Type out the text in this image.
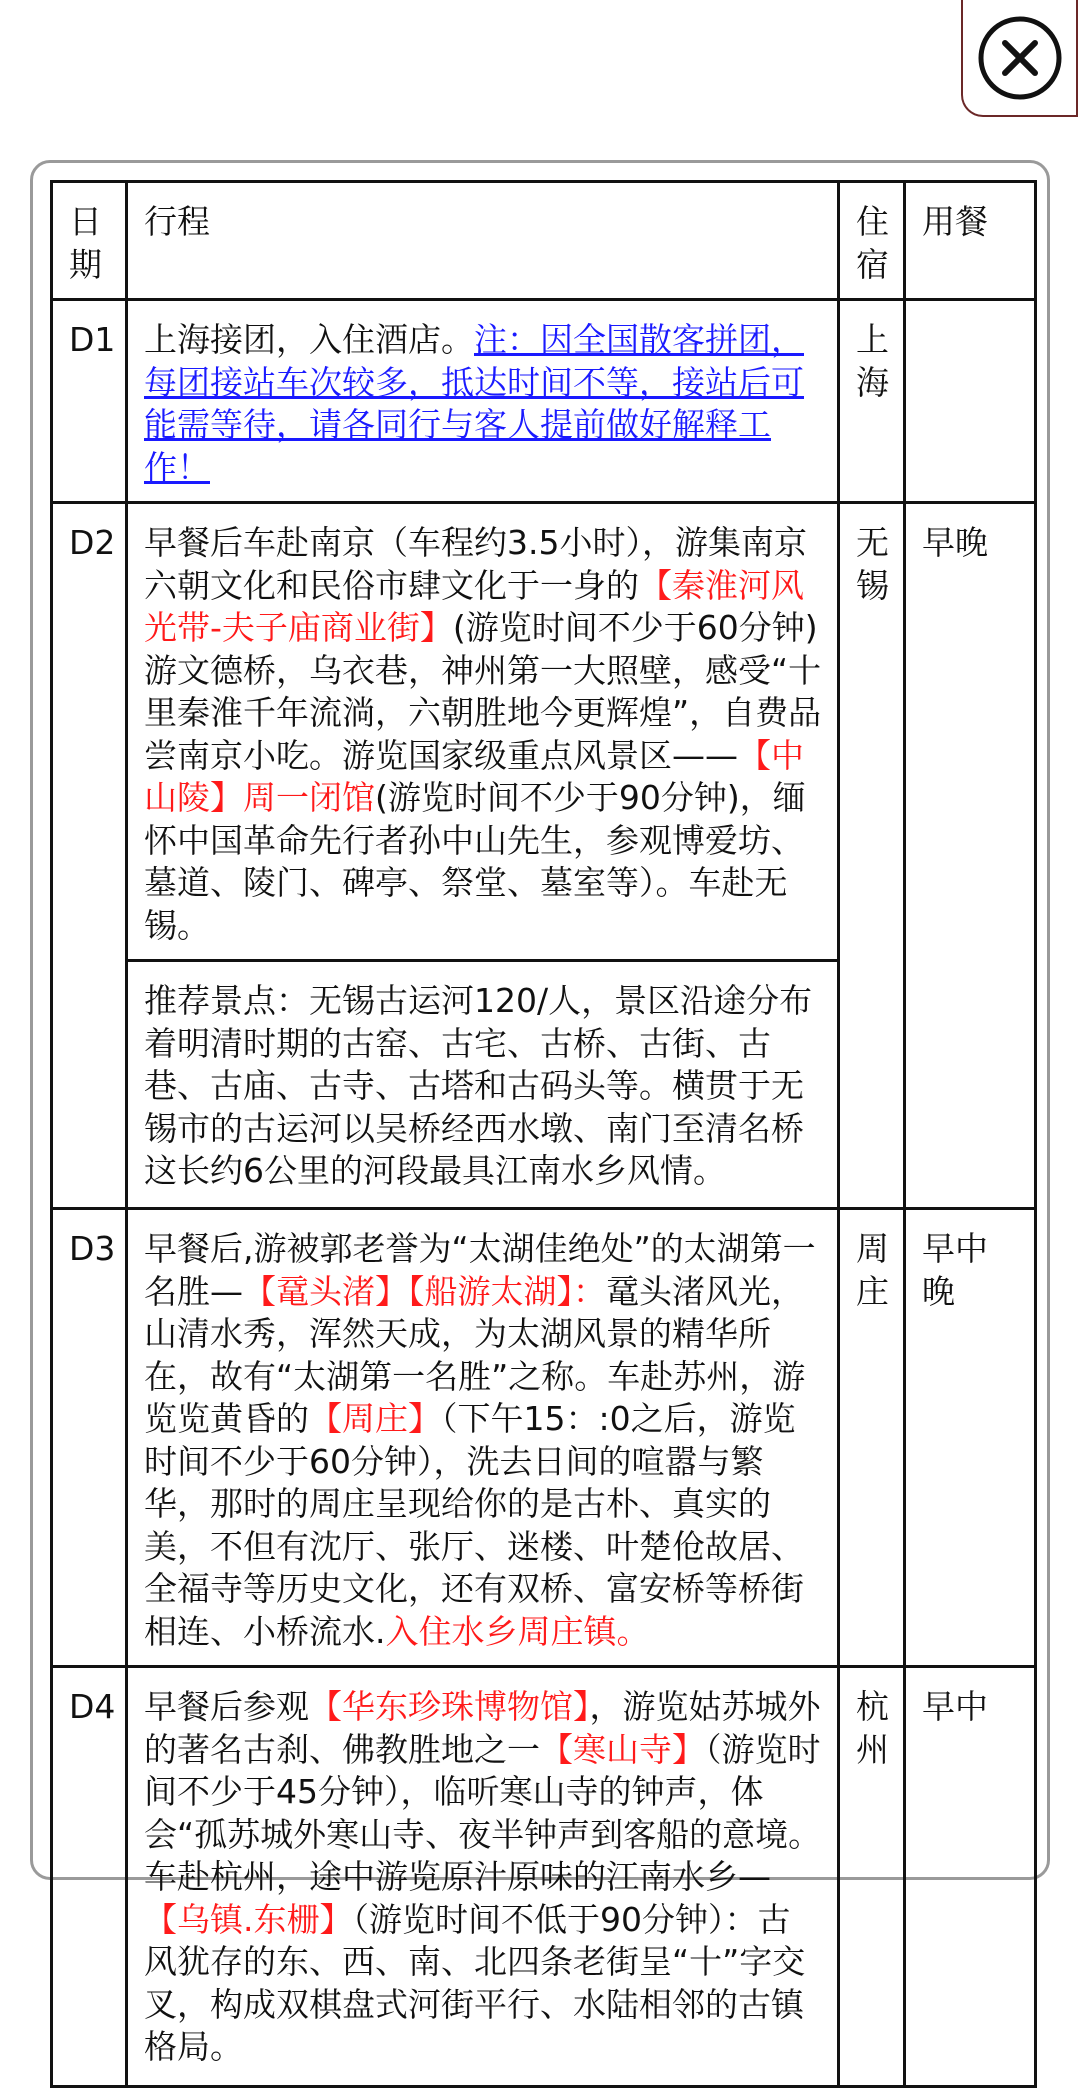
日期	行程	住宿	用餐
D1	上海接团，入住酒店。注：因全国散客拼团，每团接站车次较多，抵达时间不等，接站后可能需等待，请各同行与客人提前做好解释工作！	上海	
D2	早餐后车赴南京（车程约3.5小时），游集南京六朝文化和民俗市肆文化于一身的【秦淮河风光带-夫子庙商业街】(游览时间不少于60分钟)游文德桥，乌衣巷，神州第一大照壁，感受“十里秦淮千年流淌，六朝胜地今更辉煌”，自费品尝南京小吃。游览国家级重点风景区——【中山陵】周一闭馆(游览时间不少于90分钟)，缅怀中国革命先行者孙中山先生，参观博爱坊、墓道、陵门、碑亭、祭堂、墓室等）。车赴无锡。	无锡	早晚
	推荐景点：无锡古运河120/人，景区沿途分布着明清时期的古窑、古宅、古桥、古街、古巷、古庙、古寺、古塔和古码头等。横贯于无锡市的古运河以吴桥经西水墩、南门至清名桥这长约6公里的河段最具江南水乡风情。		
D3	早餐后,游被郭老誉为“太湖佳绝处”的太湖第一名胜—【鼋头渚】【船游太湖】：鼋头渚风光，山清水秀，浑然天成，为太湖风景的精华所在，故有“太湖第一名胜”之称。车赴苏州，游览览黄昏的【周庄】（下午15：:0之后，游览时间不少于60分钟），洗去日间的喧嚣与繁华，那时的周庄呈现给你的是古朴、真实的美，不但有沈厅、张厅、迷楼、叶楚伧故居、全福寺等历史文化，还有双桥、富安桥等桥街相连、小桥流水.入住水乡周庄镇。	周庄	早中晚
D4	早餐后参观【华东珍珠博物馆】，游览姑苏城外的著名古刹、佛教胜地之一【寒山寺】（游览时间不少于45分钟），临听寒山寺的钟声，体会“孤苏城外寒山寺、夜半钟声到客船的意境。车赴杭州，途中游览原汁原味的江南水乡—【乌镇.东栅】（游览时间不低于90分钟）：古风犹存的东、西、南、北四条老街呈“十”字交叉，构成双棋盘式河街平行、水陆相邻的古镇格局。	杭州	早中
